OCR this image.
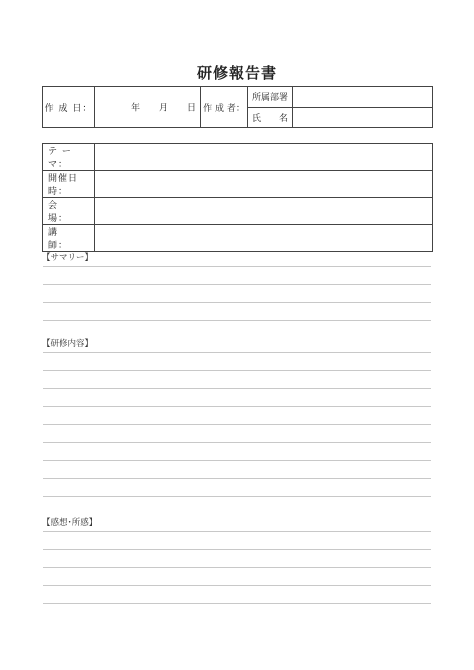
研修報告書
作 成 日：	年 月 日	作 成 者：	所属部署	
			氏　　名	
テ ー マ：	
開催日時：	
会　　場：	
講　　師：	
【サマリー】
【研修内容】
【感想･所感】
